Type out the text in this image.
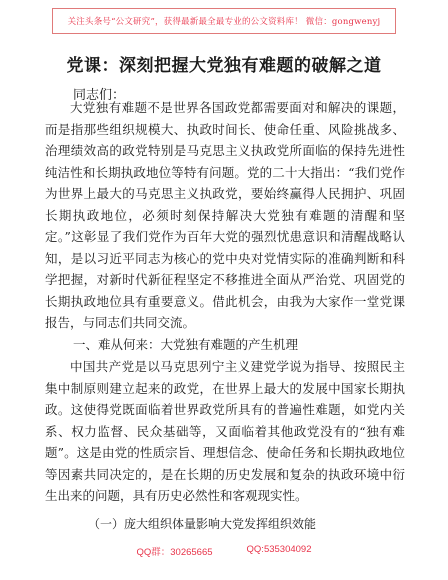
关注头条号“公文研究”，获得最新最全最专业的公文资料库！ 微信：gongwenyj
党课：深刻把握大党独有难题的破解之道
同志们：
大党独有难题不是世界各国政党都需要面对和解决的课题，而是指那些组织规模大、执政时间长、使命任重、风险挑战多、治理绩效高的政党特别是马克思主义执政党所面临的保持先进性纯洁性和长期执政地位等特有问题。党的二十大指出：“我们党作为世界上最大的马克思主义执政党，要始终赢得人民拥护、巩固长期执政地位，必须时刻保持解决大党独有难题的清醒和坚定。”这彰显了我们党作为百年大党的强烈忧患意识和清醒战略认知，是以习近平同志为核心的党中央对党情实际的准确判断和科学把握，对新时代新征程坚定不移推进全面从严治党、巩固党的长期执政地位具有重要意义。借此机会，由我为大家作一堂党课报告，与同志们共同交流。
一、难从何来：大党独有难题的产生机理
中国共产党是以马克思列宁主义建党学说为指导、按照民主集中制原则建立起来的政党，在世界上最大的发展中国家长期执政。这使得党既面临着世界政党所具有的普遍性难题，如党内关系、权力监督、民众基础等，又面临着其他政党没有的“独有难题”。这是由党的性质宗旨、理想信念、使命任务和长期执政地位等因素共同决定的，是在长期的历史发展和复杂的执政环境中衍生出来的问题，具有历史必然性和客观现实性。
（一）庞大组织体量影响大党发挥组织效能
QQ群：30265665	QQ:535304092
